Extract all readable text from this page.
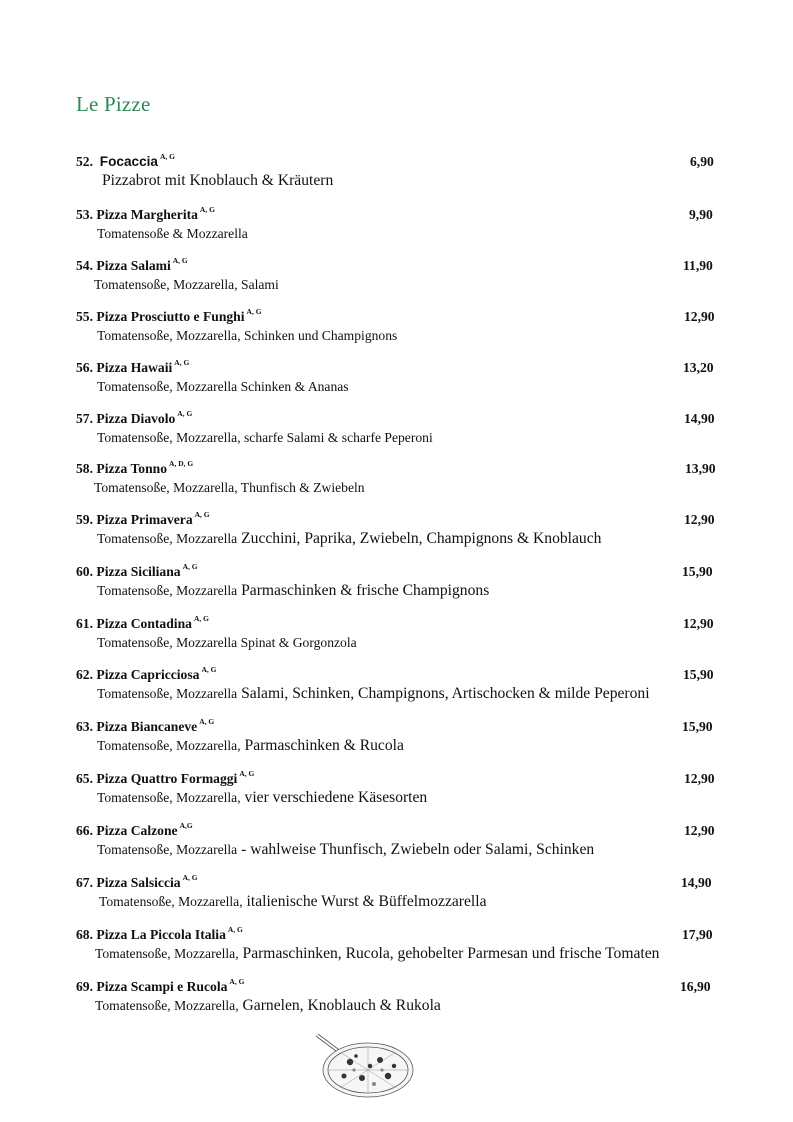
Le Pizze
52.  Focaccia $^{A, G}$	6,90
Pizzabrot mit Knoblauch & Kräutern
53. Pizza Margherita $^{A, G}$	9,90
Tomatensoße & Mozzarella
54. Pizza Salami $^{A, G}$	11,90
Tomatensoße, Mozzarella, Salami
55. Pizza Prosciutto e Funghi $^{A, G}$	12,90
Tomatensoße, Mozzarella, Schinken und Champignons
56. Pizza Hawaii $^{A, G}$	13,20
Tomatensoße, Mozzarella Schinken & Ananas
57. Pizza Diavolo $^{A, G}$	14,90
Tomatensoße, Mozzarella, scharfe Salami & scharfe Peperoni
58. Pizza Tonno $^{A, D, G}$	13,90
Tomatensoße, Mozzarella, Thunfisch & Zwiebeln
59. Pizza Primavera $^{A, G}$	12,90
Tomatensoße, Mozzarella Zucchini, Paprika, Zwiebeln, Champignons & Knoblauch
60. Pizza Siciliana $^{A, G}$	15,90
Tomatensoße, Mozzarella Parmaschinken & frische Champignons
61. Pizza Contadina $^{A, G}$	12,90
Tomatensoße, Mozzarella Spinat & Gorgonzola
62. Pizza Capricciosa $^{A, G}$	15,90
Tomatensoße, Mozzarella Salami, Schinken, Champignons, Artischocken & milde Peperoni
63. Pizza Biancaneve $^{A, G}$	15,90
Tomatensoße, Mozzarella, Parmaschinken & Rucola
65. Pizza Quattro Formaggi $^{A, G}$	12,90
Tomatensoße, Mozzarella, vier verschiedene Käsesorten
66. Pizza Calzone $^{A,G}$	12,90
Tomatensoße, Mozzarella - wahlweise Thunfisch, Zwiebeln oder Salami, Schinken
67. Pizza Salsiccia $^{A, G}$	14,90
Tomatensoße, Mozzarella, italienische Wurst & Büffelmozzarella
68. Pizza La Piccola Italia $^{A, G}$	17,90
Tomatensoße, Mozzarella, Parmaschinken, Rucola, gehobelter Parmesan und frische Tomaten
69. Pizza Scampi e Rucola $^{A, G}$	16,90
Tomatensoße, Mozzarella, Garnelen, Knoblauch & Rukola
